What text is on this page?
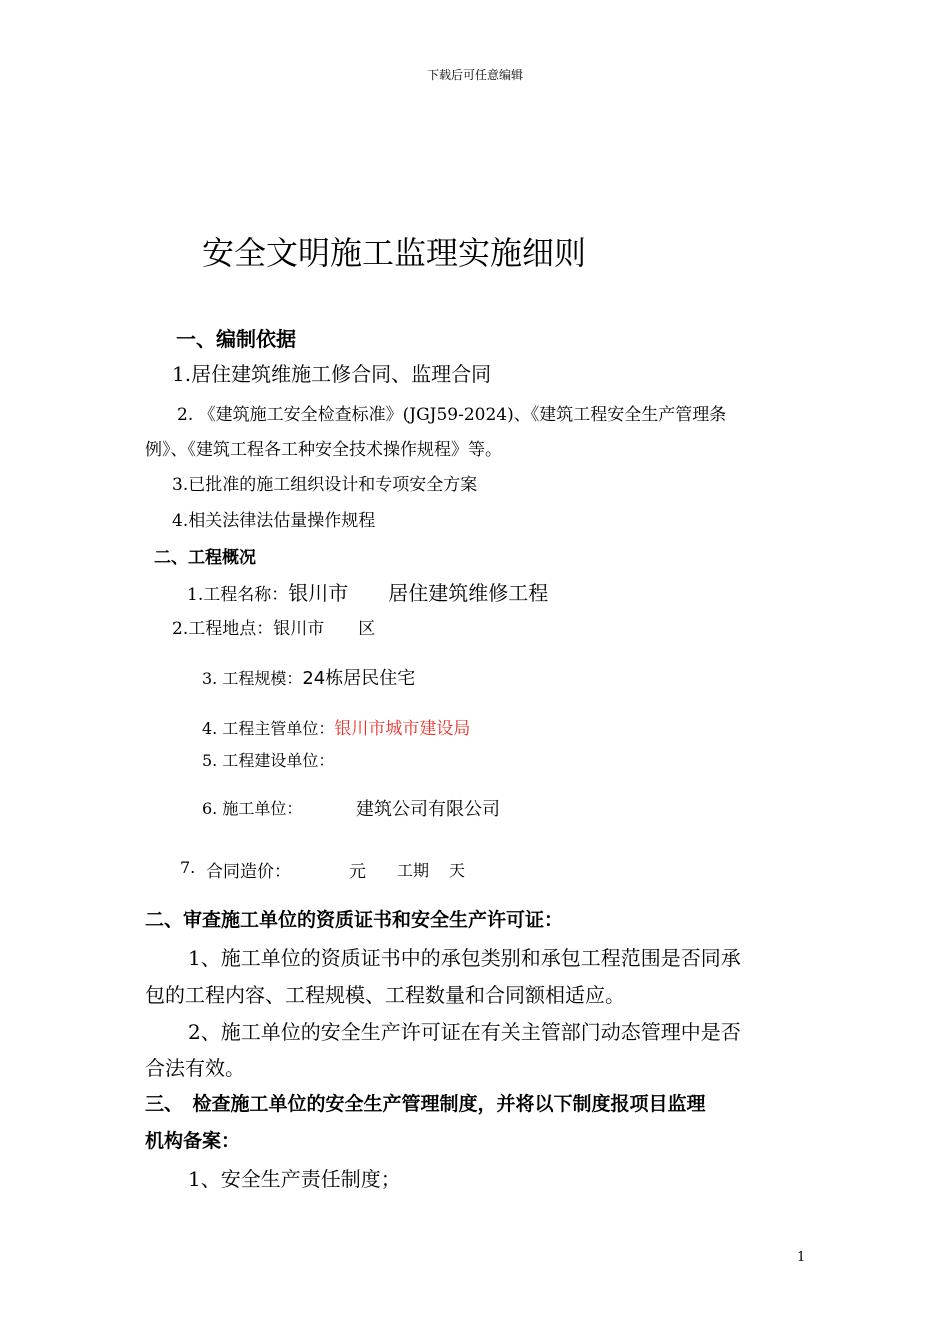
下载后可任意编辑
安全文明施工监理实施细则
一、编制依据
1.居住建筑维施工修合同、监理合同
2. 《建筑施工安全检查标准》(JGJ59-2024)、《建筑工程安全生产管理条
例》、《建筑工程各工种安全技术操作规程》等。
3.已批准的施工组织设计和专项安全方案
4.相关法律法估量操作规程
二、工程概况
1.工程名称：银川市　　居住建筑维修工程
2.工程地点：银川市　　区
3. 工程规模：24栋居民住宅
4. 工程主管单位：银川市城市建设局
5. 工程建设单位：
6. 施工单位：	建筑公司有限公司
7. 合同造价：	元 工期 天
二、审查施工单位的资质证书和安全生产许可证：
1、施工单位的资质证书中的承包类别和承包工程范围是否同承
包的工程内容、工程规模、工程数量和合同额相适应。
2、施工单位的安全生产许可证在有关主管部门动态管理中是否
合法有效。
三、　检查施工单位的安全生产管理制度，并将以下制度报项目监理
机构备案：
1、安全生产责任制度；
1
